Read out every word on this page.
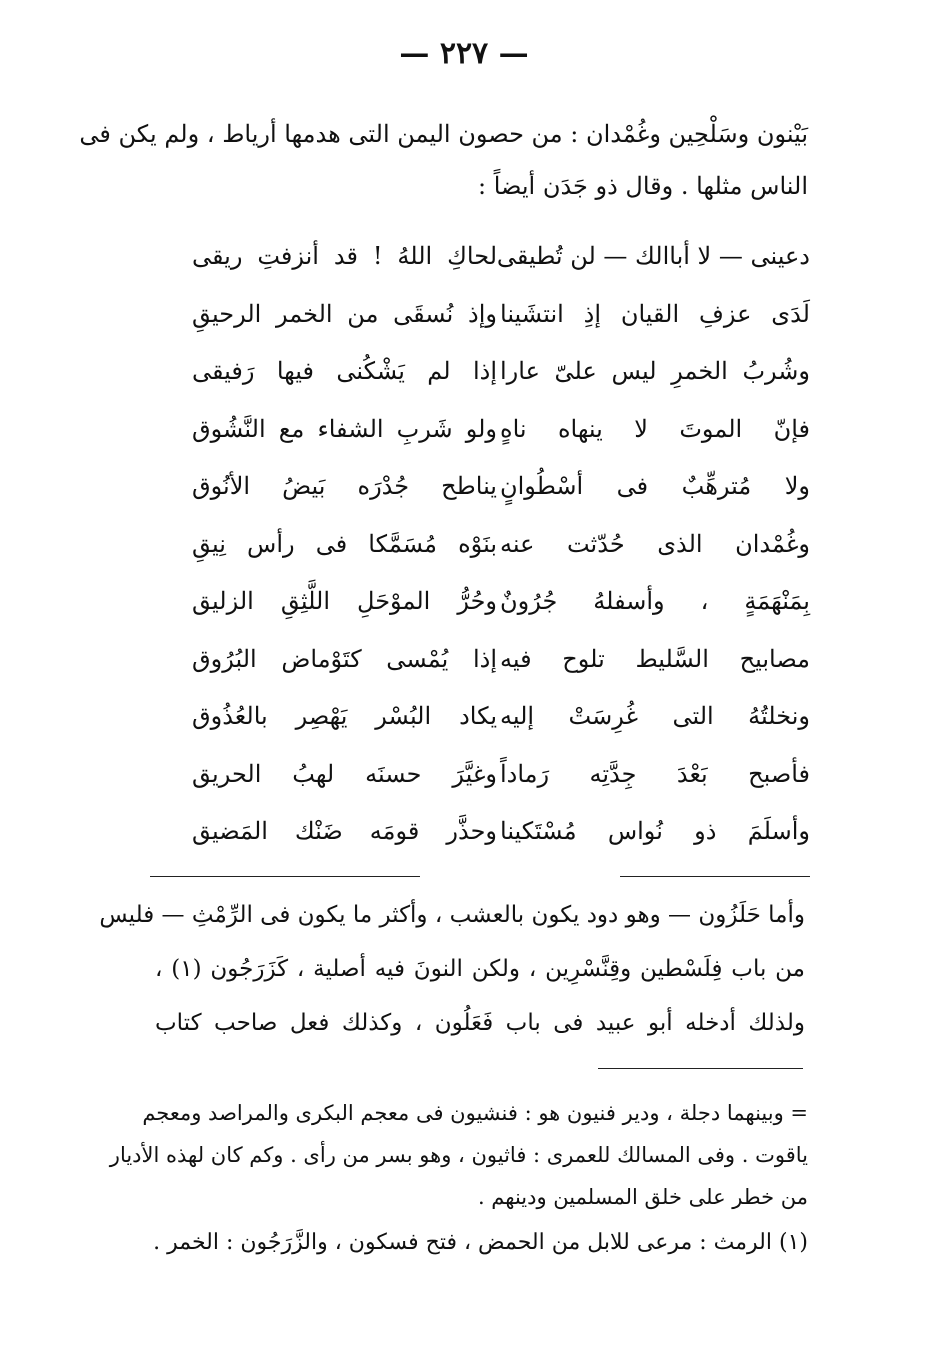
— ٢٢٧ —
بَيْنون وسَلْحِين وغُمْدان : من حصون اليمن التى هدمها أرياط ، ولم يكن فى
الناس مثلها . وقال ذو جَدَن أيضاً :
دعينى — لا أباالك — لن تُطيقى
لحاكِ اللهُ ! قد أنزفتِ ريقى
لَدَى عزفِ القيان إذِ انتشَينا
وإذ نُسقَى من الخمر الرحيقِ
وشُربُ الخمرِ ليس علىّ عارا
إذا لم يَشْكُنى فيها رَفيقى
فإنّ الموتَ لا ينهاه ناهٍ
ولو شَربِ الشفاء مع النَّشُوق
ولا مُترهِّبٌ فى أسْطُوانٍ
يناطح جُدْرَه بَيضُ الأنُوق
وغُمْدان الذى حُدّثت عنه
بنَوْه مُسَمَّكا فى رأس نِيقِ
بِمَنْهَمَةٍ ، وأسفلهُ جُرُونٌ
وحُرُّ الموْحَلِ اللَّثِقِ الزليق
مصابيح السَّليط تلوح فيه
إذا يُمْسى كتَوْماض البُرُوق
ونخلتُهُ التى غُرِسَتْ إليه
يكاد البُسْر يَهْصِر بالعُذُوق
فأصبح بَعْدَ جِدَّتِه رَماداً
وغيَّرَ حسنَه لهبُ الحريق
وأسلَمَ ذو نُواس مُسْتَكينا
وحذَّر قومَه ضَنْك المَضيق
وأما حَلَزُون — وهو دود يكون بالعشب ، وأكثر ما يكون فى الرِّمْثِ — فليس
من باب فِلَسْطين وقِنَّسْرِين ، ولكن النونَ فيه أصلية ، كَزَرَجُون (١) ،
ولذلك أدخله أبو عبيد فى باب فَعَلُون ، وكذلك فعل صاحب كتاب
= وبينهما دجلة ، ودير فنيون هو : فنشيون فى معجم البكرى والمراصد ومعجم
ياقوت . وفى المسالك للعمرى : فاثيون ، وهو بسر من رأى . وكم كان لهذه الأديار
من خطر على خلق المسلمين ودينهم .
(١) الرمث : مرعى للابل من الحمض ، فتح فسكون ، والزَّرَجُون : الخمر .
